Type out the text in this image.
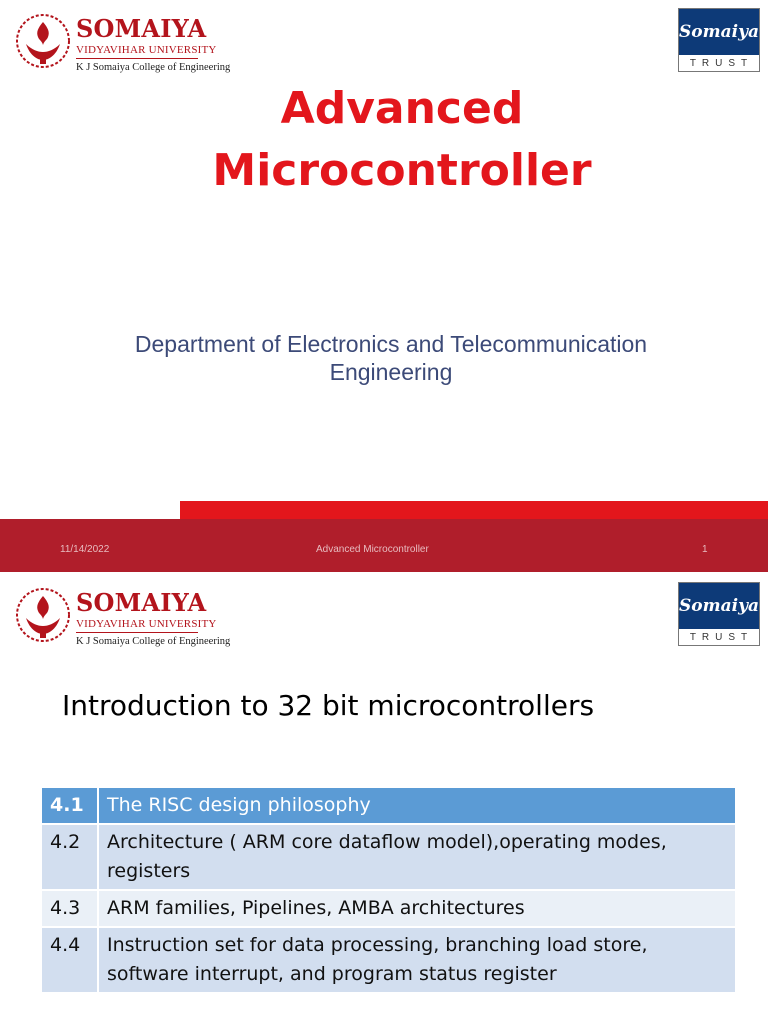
SOMAIYA
VIDYAVIHAR UNIVERSITY
K J Somaiya College of Engineering
Somaiya
TRUST
Advanced
Microcontroller
Department of Electronics and Telecommunication
Engineering
11/14/2022	Advanced Microcontroller	1
SOMAIYA
VIDYAVIHAR UNIVERSITY
K J Somaiya College of Engineering
Somaiya
TRUST
Introduction to 32 bit microcontrollers
4.1	The RISC design philosophy
4.2	Architecture ( ARM core dataflow model),operating modes, registers
4.3	ARM families, Pipelines, AMBA architectures
4.4	Instruction set for data processing, branching load store, software interrupt, and program status register
